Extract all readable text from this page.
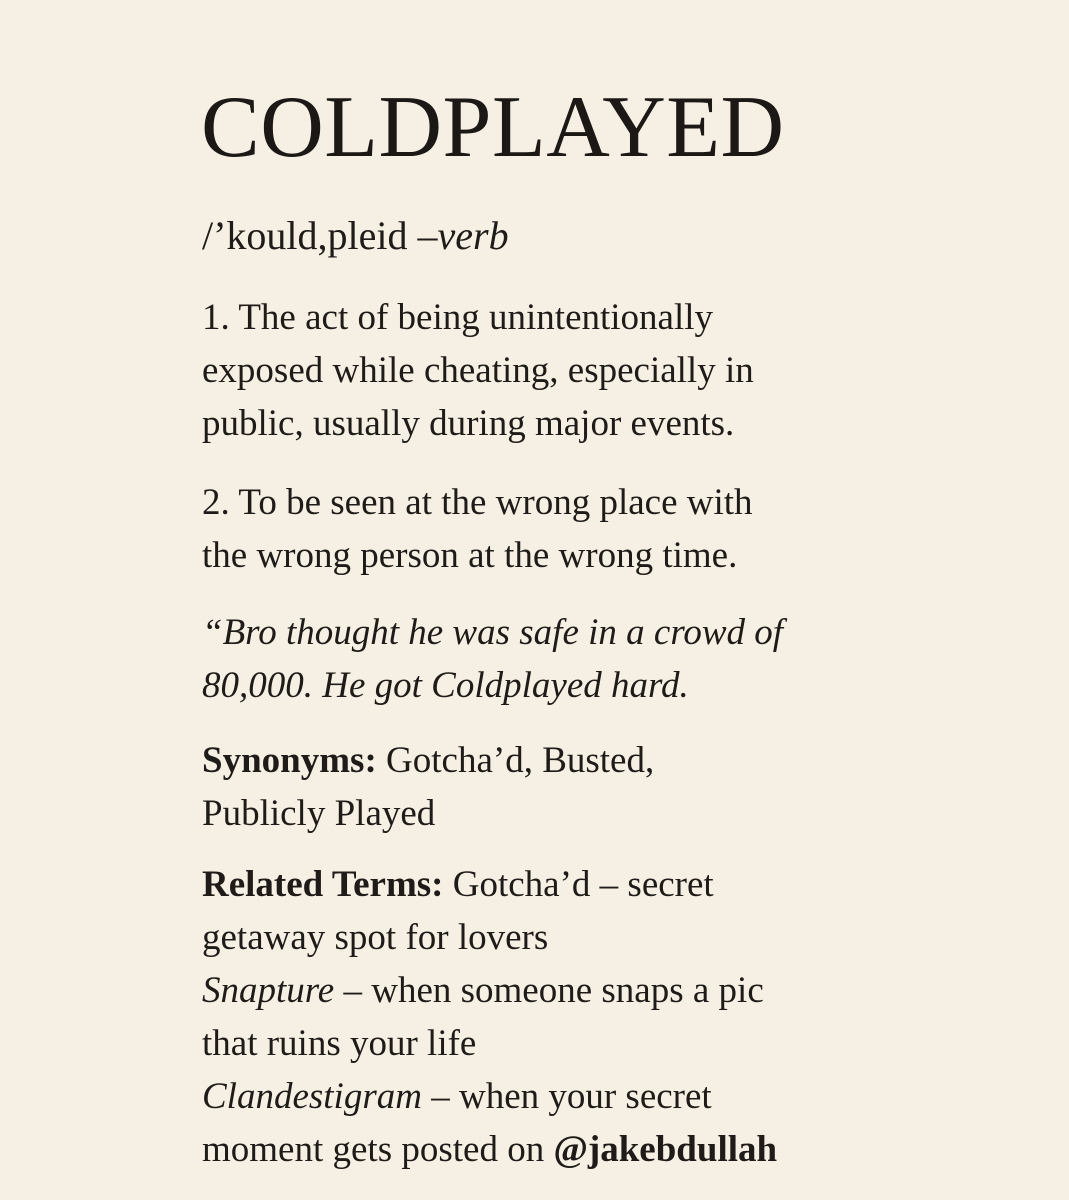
COLDPLAYED
/’kould,pleid –verb

1. The act of being unintentionally
exposed while cheating, especially in
public, usually during major events.

2. To be seen at the wrong place with
the wrong person at the wrong time.

“Bro thought he was safe in a crowd of
80,000. He got Coldplayed hard.

Synonyms: Gotcha’d, Busted,
Publicly Played

Related Terms: Gotcha’d – secret
getaway spot for lovers
Snapture – when someone snaps a pic
that ruins your life
Clandestigram – when your secret
moment gets posted on @jakebdullah
